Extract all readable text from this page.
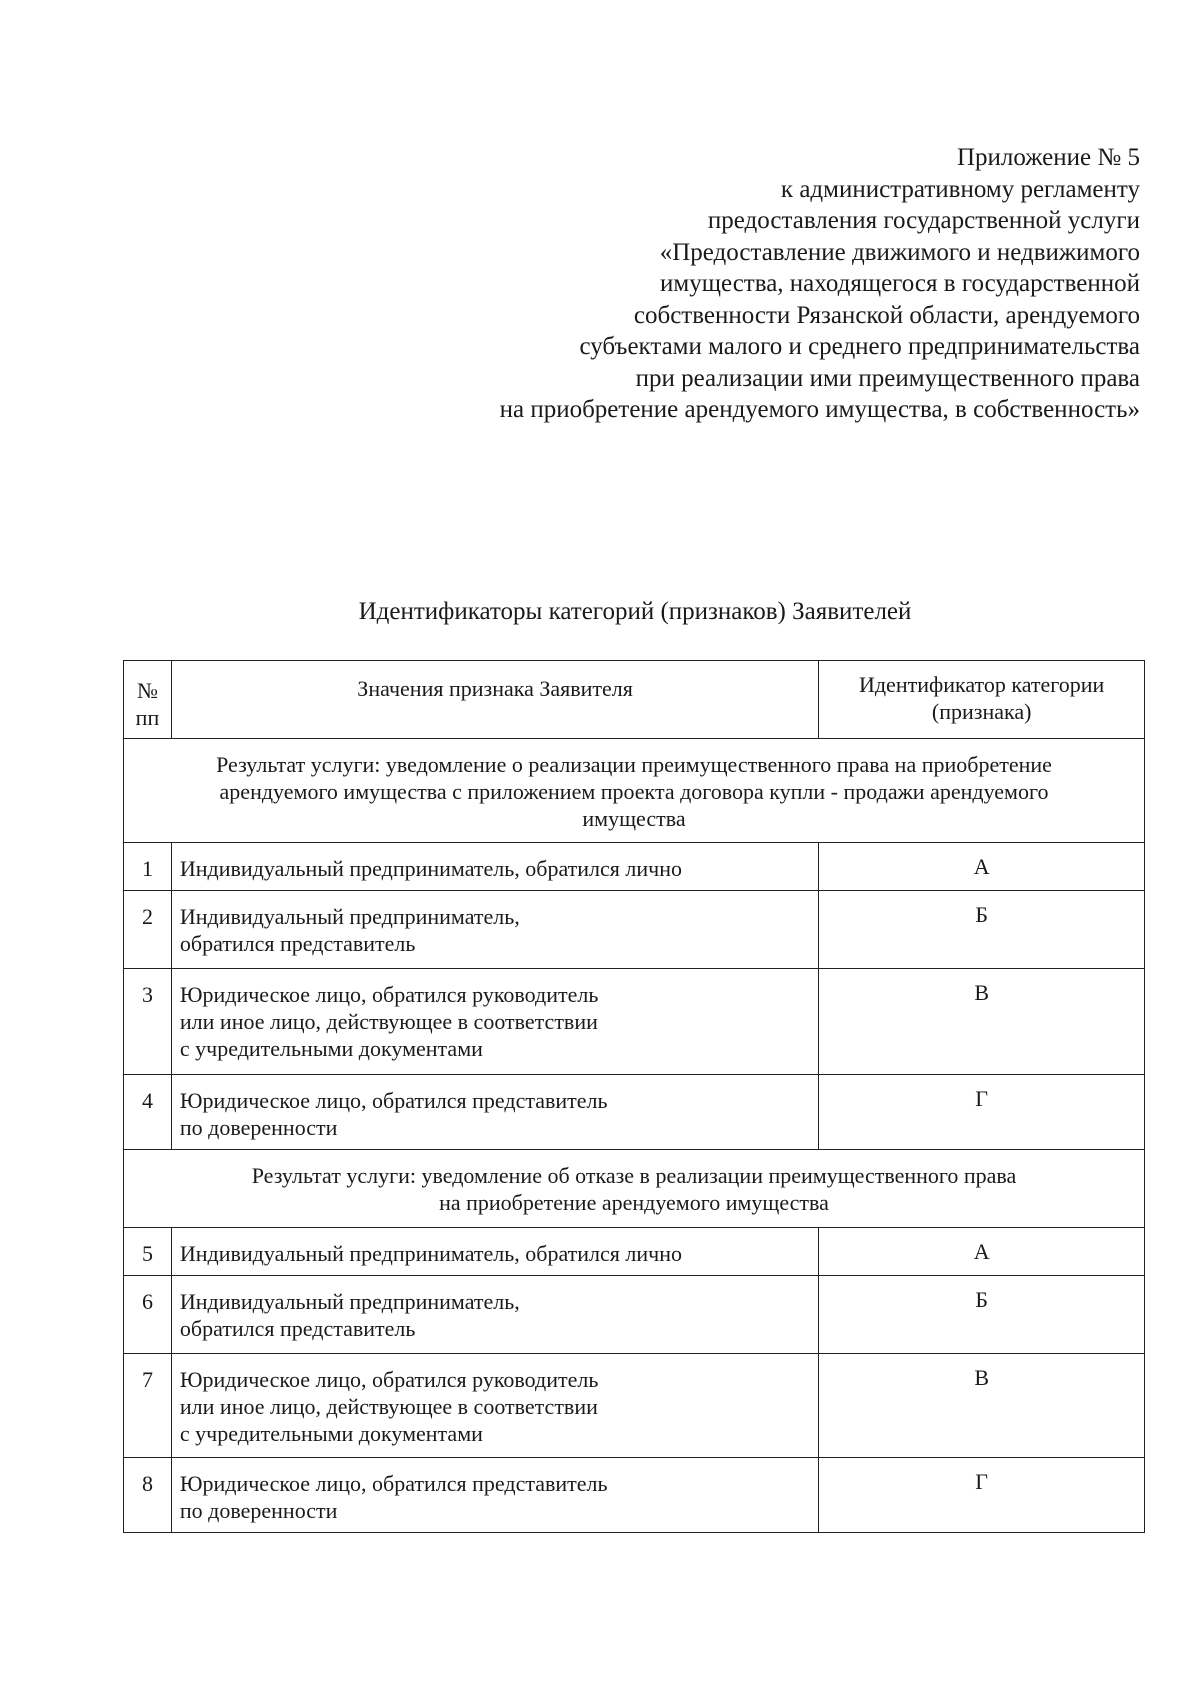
Приложение № 5
к административному регламенту
предоставления государственной услуги
«Предоставление движимого и недвижимого
имущества, находящегося в государственной
собственности Рязанской области, арендуемого
субъектами малого и среднего предпринимательства
при реализации ими преимущественного права
на приобретение арендуемого имущества, в собственность»
Идентификаторы категорий (признаков) Заявителей
№
пп	Значения признака Заявителя	Идентификатор категории
(признака)

Результат услуги: уведомление о реализации преимущественного права на приобретение
арендуемого имущества с приложением проекта договора купли - продажи арендуемого
имущества		

1	Индивидуальный предприниматель, обратился лично	А
2	Индивидуальный предприниматель,
обратился представитель	Б
3	Юридическое лицо, обратился руководитель
или иное лицо, действующее в соответствии
с учредительными документами	В
4	Юридическое лицо, обратился представитель
по доверенности	Г

Результат услуги: уведомление об отказе в реализации преимущественного права
на приобретение арендуемого имущества		

5	Индивидуальный предприниматель, обратился лично	А
6	Индивидуальный предприниматель,
обратился представитель	Б
7	Юридическое лицо, обратился руководитель
или иное лицо, действующее в соответствии
с учредительными документами	В
8	Юридическое лицо, обратился представитель
по доверенности	Г
